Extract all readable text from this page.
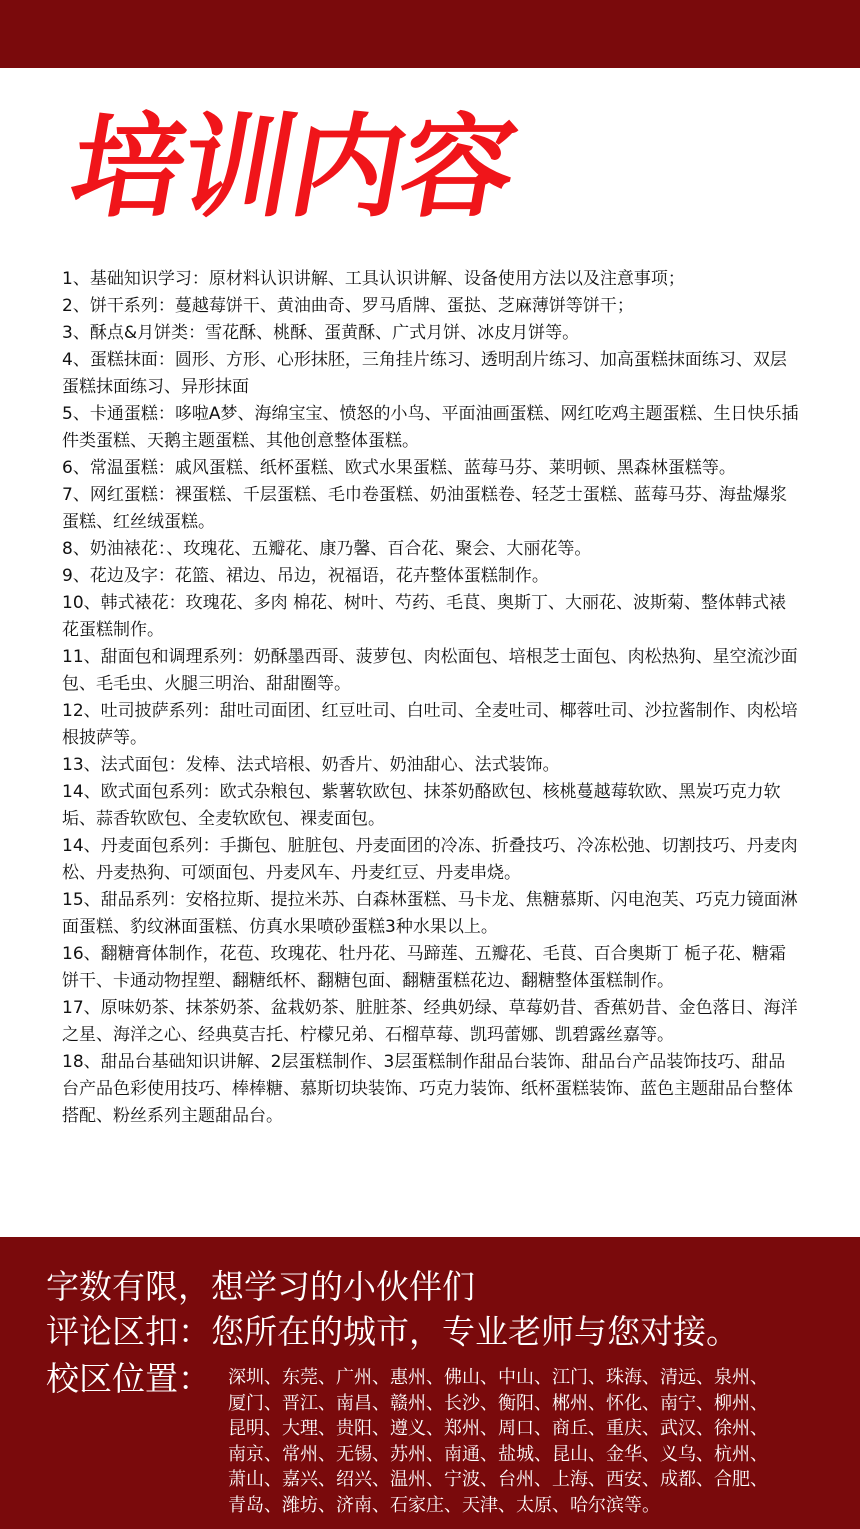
培训内容

1、基础知识学习：原材料认识讲解、工具认识讲解、设备使用方法以及注意事项；

2、饼干系列：蔓越莓饼干、黄油曲奇、罗马盾牌、蛋挞、芝麻薄饼等饼干；

3、酥点&月饼类：雪花酥、桃酥、蛋黄酥、广式月饼、冰皮月饼等。

4、蛋糕抹面：圆形、方形、心形抹胚，三角挂片练习、透明刮片练习、加高蛋糕抹面练习、双层蛋糕抹面练习、异形抹面

5、卡通蛋糕：哆啦A梦、海绵宝宝、愤怒的小鸟、平面油画蛋糕、网红吃鸡主题蛋糕、生日快乐插件类蛋糕、天鹅主题蛋糕、其他创意整体蛋糕。

6、常温蛋糕：戚风蛋糕、纸杯蛋糕、欧式水果蛋糕、蓝莓马芬、莱明顿、黑森林蛋糕等。

7、网红蛋糕：裸蛋糕、千层蛋糕、毛巾卷蛋糕、奶油蛋糕卷、轻芝士蛋糕、蓝莓马芬、海盐爆浆蛋糕、红丝绒蛋糕。

8、奶油裱花：、玫瑰花、五瓣花、康乃馨、百合花、聚会、大丽花等。

9、花边及字：花篮、裙边、吊边，祝福语，花卉整体蛋糕制作。

10、韩式裱花：玫瑰花、多肉 棉花、树叶、芍药、毛茛、奥斯丁、大丽花、波斯菊、整体韩式裱花蛋糕制作。

11、甜面包和调理系列：奶酥墨西哥、菠萝包、肉松面包、培根芝士面包、肉松热狗、星空流沙面包、毛毛虫、火腿三明治、甜甜圈等。

12、吐司披萨系列：甜吐司面团、红豆吐司、白吐司、全麦吐司、椰蓉吐司、沙拉酱制作、肉松培根披萨等。

13、法式面包：发棒、法式培根、奶香片、奶油甜心、法式装饰。

14、欧式面包系列：欧式杂粮包、紫薯软欧包、抹茶奶酪欧包、核桃蔓越莓软欧、黑炭巧克力软垢、蒜香软欧包、全麦软欧包、裸麦面包。

14、丹麦面包系列：手撕包、脏脏包、丹麦面团的冷冻、折叠技巧、冷冻松弛、切割技巧、丹麦肉松、丹麦热狗、可颂面包、丹麦风车、丹麦红豆、丹麦串烧。

15、甜品系列：安格拉斯、提拉米苏、白森林蛋糕、马卡龙、焦糖慕斯、闪电泡芙、巧克力镜面淋面蛋糕、豹纹淋面蛋糕、仿真水果喷砂蛋糕3种水果以上。

16、翻糖膏体制作，花苞、玫瑰花、牡丹花、马蹄莲、五瓣花、毛茛、百合奥斯丁 栀子花、糖霜饼干、卡通动物捏塑、翻糖纸杯、翻糖包面、翻糖蛋糕花边、翻糖整体蛋糕制作。

17、原味奶茶、抹茶奶茶、盆栽奶茶、脏脏茶、经典奶绿、草莓奶昔、香蕉奶昔、金色落日、海洋之星、海洋之心、经典莫吉托、柠檬兄弟、石榴草莓、凯玛蕾娜、凯碧露丝嘉等。

18、甜品台基础知识讲解、2层蛋糕制作、3层蛋糕制作甜品台装饰、甜品台产品装饰技巧、甜品台产品色彩使用技巧、棒棒糖、慕斯切块装饰、巧克力装饰、纸杯蛋糕装饰、蓝色主题甜品台整体搭配、粉丝系列主题甜品台。

字数有限，想学习的小伙伴们

评论区扣：您所在的城市，专业老师与您对接。

校区位置： 深圳、东莞、广州、惠州、佛山、中山、江门、珠海、清远、泉州、

厦门、晋江、南昌、赣州、长沙、衡阳、郴州、怀化、南宁、柳州、

昆明、大理、贵阳、遵义、郑州、周口、商丘、重庆、武汉、徐州、

南京、常州、无锡、苏州、南通、盐城、昆山、金华、义乌、杭州、

萧山、嘉兴、绍兴、温州、宁波、台州、上海、西安、成都、合肥、

青岛、潍坊、济南、石家庄、天津、太原、哈尔滨等。
